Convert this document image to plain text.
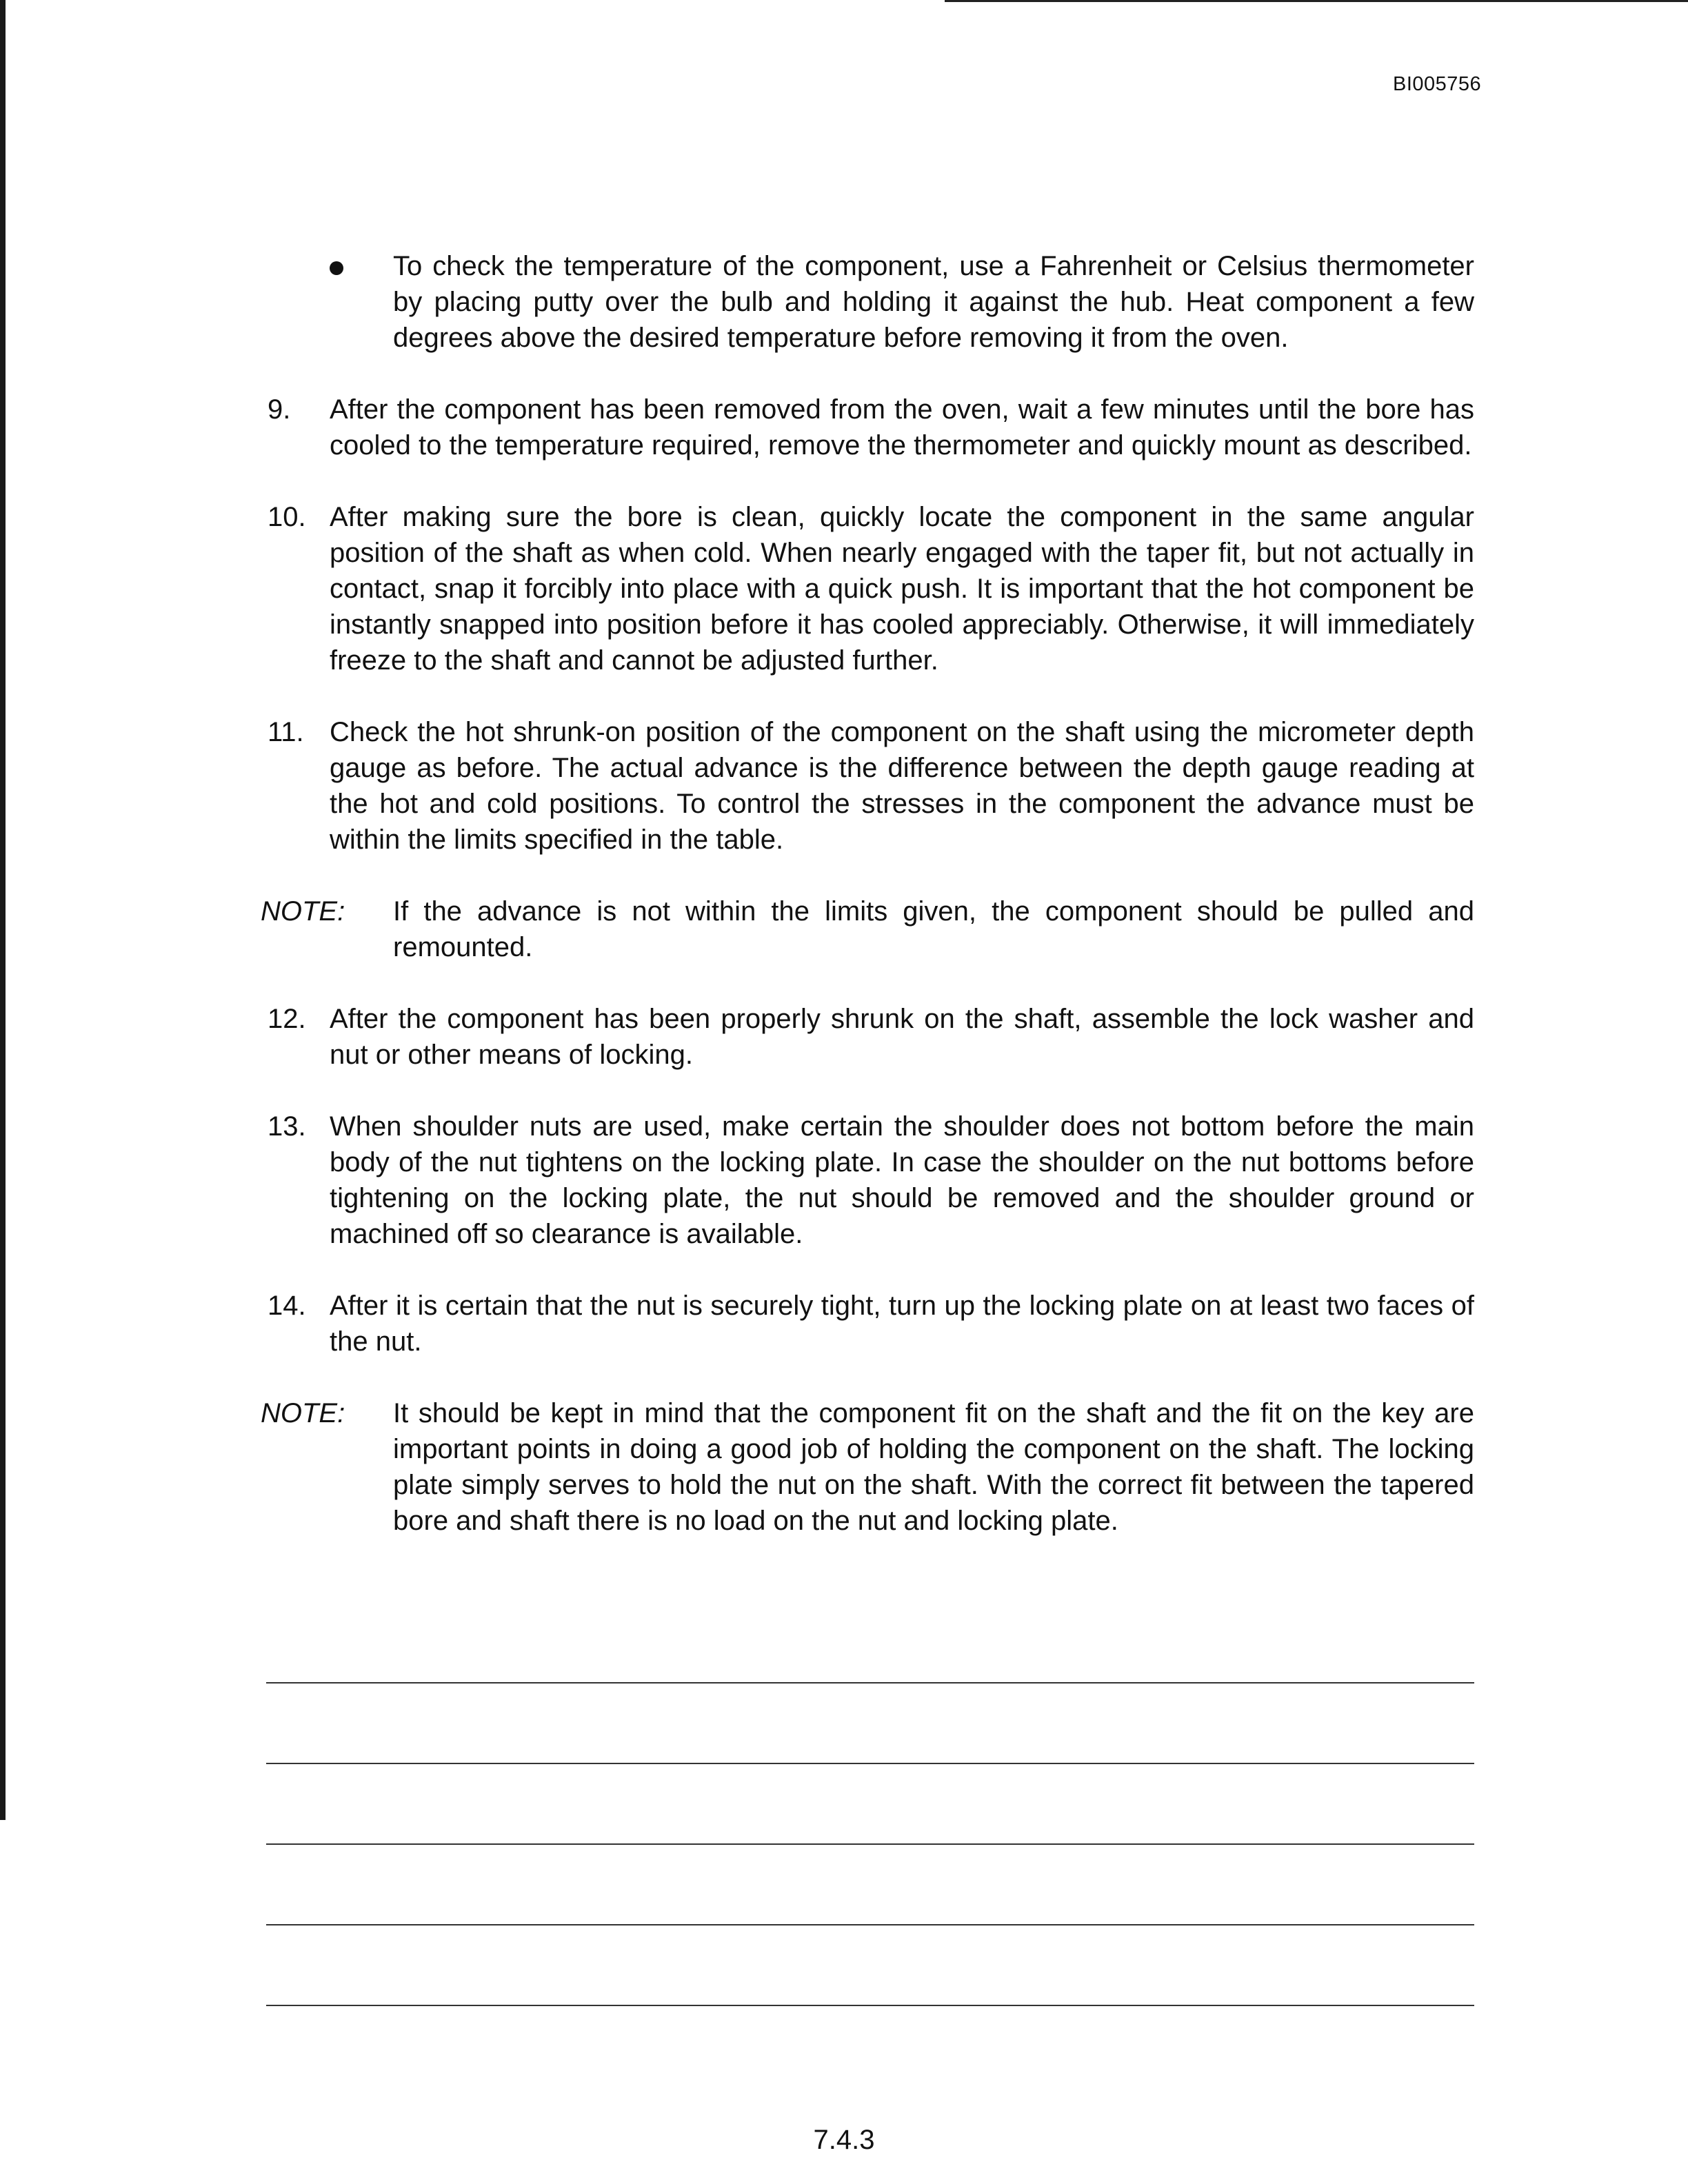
BI005756
To check the temperature of the component, use a Fahrenheit or Celsius thermometer by placing putty over the bulb and holding it against the hub. Heat component a few degrees above the desired temperature before removing it from the oven.
9.	After the component has been removed from the oven, wait a few minutes until the bore has cooled to the temperature required, remove the thermometer and quickly mount as described.
10. After making sure the bore is clean, quickly locate the component in the same angular position of the shaft as when cold. When nearly engaged with the taper fit, but not actually in contact, snap it forcibly into place with a quick push. It is important that the hot component be instantly snapped into position before it has cooled appreciably. Otherwise, it will immediately freeze to the shaft and cannot be adjusted further.
11. Check the hot shrunk-on position of the component on the shaft using the micrometer depth gauge as before. The actual advance is the difference between the depth gauge reading at the hot and cold positions. To control the stresses in the component the advance must be within the limits specified in the table.
NOTE: If the advance is not within the limits given, the component should be pulled and remounted.
12. After the component has been properly shrunk on the shaft, assemble the lock washer and nut or other means of locking.
13. When shoulder nuts are used, make certain the shoulder does not bottom before the main body of the nut tightens on the locking plate. In case the shoulder on the nut bottoms before tightening on the locking plate, the nut should be removed and the shoulder ground or machined off so clearance is available.
14. After it is certain that the nut is securely tight, turn up the locking plate on at least two faces of the nut.
NOTE: It should be kept in mind that the component fit on the shaft and the fit on the key are important points in doing a good job of holding the component on the shaft. The locking plate simply serves to hold the nut on the shaft. With the correct fit between the tapered bore and shaft there is no load on the nut and locking plate.
7.4.3
